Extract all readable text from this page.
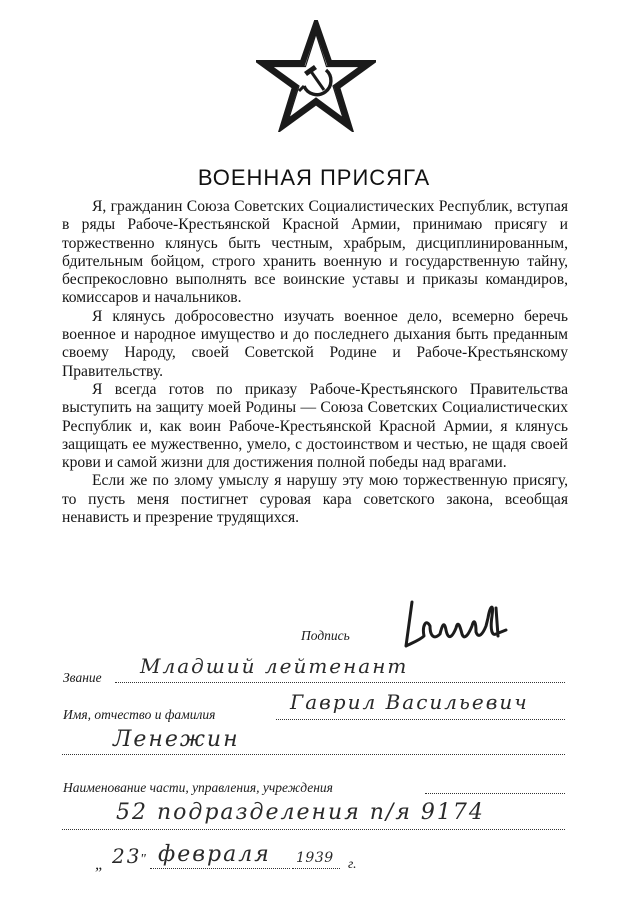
ВОЕННАЯ ПРИСЯГА

Я, гражданин Союза Советских Социалистических Республик, вступая в ряды Рабоче-Крестьянской Красной Армии, принимаю присягу и торжественно клянусь быть честным, храбрым, дисциплинированным, бдительным бойцом, строго хранить военную и государственную тайну, беспрекословно выполнять все воинские уставы и приказы командиров, комиссаров и начальников.

Я клянусь добросовестно изучать военное дело, всемерно беречь военное и народное имущество и до последнего дыхания быть преданным своему Народу, своей Советской Родине и Рабоче-Крестьянскому Правительству.

Я всегда готов по приказу Рабоче-Крестьянского Правительства выступить на защиту моей Родины — Союза Советских Социалистических Республик и, как воин Рабоче-Крестьянской Красной Армии, я клянусь защищать ее мужественно, умело, с достоинством и честью, не щадя своей крови и самой жизни для достижения полной победы над врагами.

Если же по злому умыслу я нарушу эту мою торжественную присягу, то пусть меня постигнет суровая кара советского закона, всеобщая ненависть и презрение трудящихся.

Подпись
Звание Младший лейтенант
Имя, отчество и фамилия
Гаврил Васильевич
Ленежин
Наименование части, управления, учреждения
52 подразделения п/я 9174
„ 23
" февраля 1939 г.
